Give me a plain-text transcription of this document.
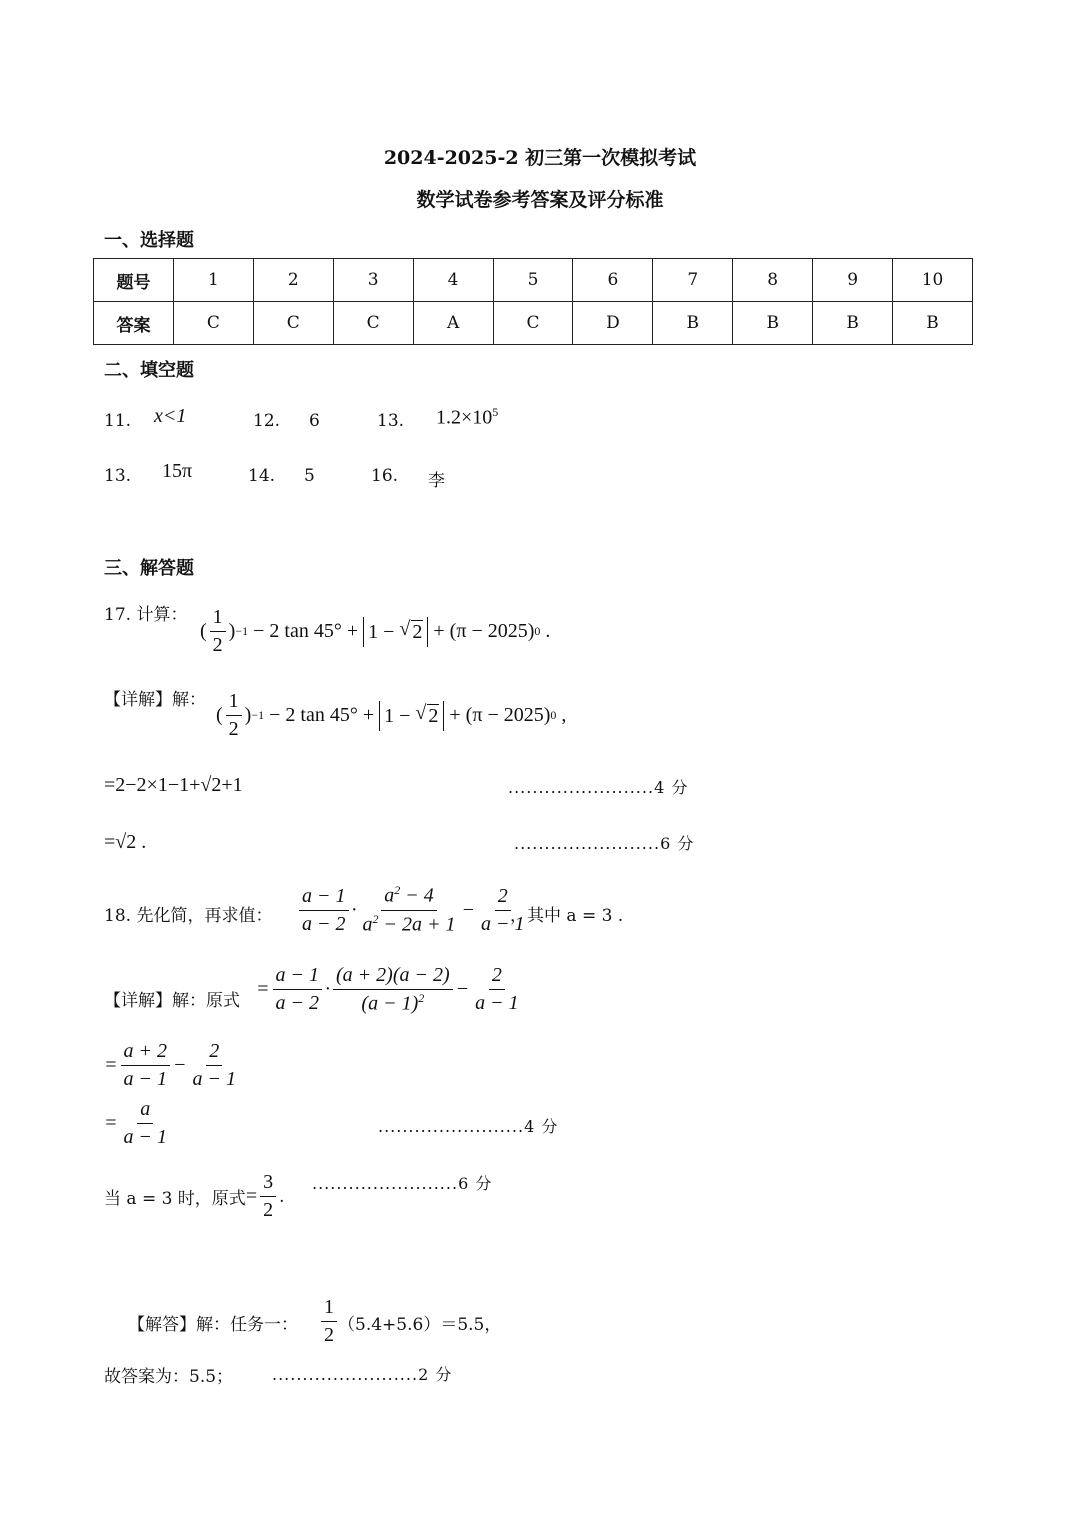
2024-2025-2 初三第一次模拟考试
数学试卷参考答案及评分标准
一、选择题
题号	1	2	3	4	5	6	7	8	9	10
答案	C	C	C	A	C	D	B	B	B	B
二、填空题
11. x<1	12. 6	13. $1.2\times 10^5$
13. 15π	14. 5	16. 李
三、解答题
17. 计算：
( $\frac{1}{2}$ ) −1 − 2 tan 45° + 1 − √ 2 + (π − 2025) 0 .
【详解】解：
( $\frac{1}{2}$ ) −1 − 2 tan 45° + 1 − √ 2 + (π − 2025) 0 ,
=2−2×1−1+√2+1	........................4 分
=√2 .	........................6 分
18. 先化简，再求值： $\frac{a - 1}{a - 2} \cdot \frac{a^2 - 4}{a^2 - 2a + 1} - \frac{2}{a - 1}$
，其中 a = 3 .
【详解】解：原式
= $\frac{a - 1}{a - 2} \cdot \frac{(a + 2)(a - 2)}{(a - 1)^2} - \frac{2}{a - 1}$
= $\frac{a + 2}{a - 1} - \frac{2}{a - 1}$
= $\frac{a}{a - 1}$	........................4 分
当 a = 3 时，原式 = $\frac{3}{2}$ .
........................6 分
【解答】解：任务一： $\frac{1}{2} (5.4+5.6)=5.5$，
故答案为：5.5； ........................2 分
